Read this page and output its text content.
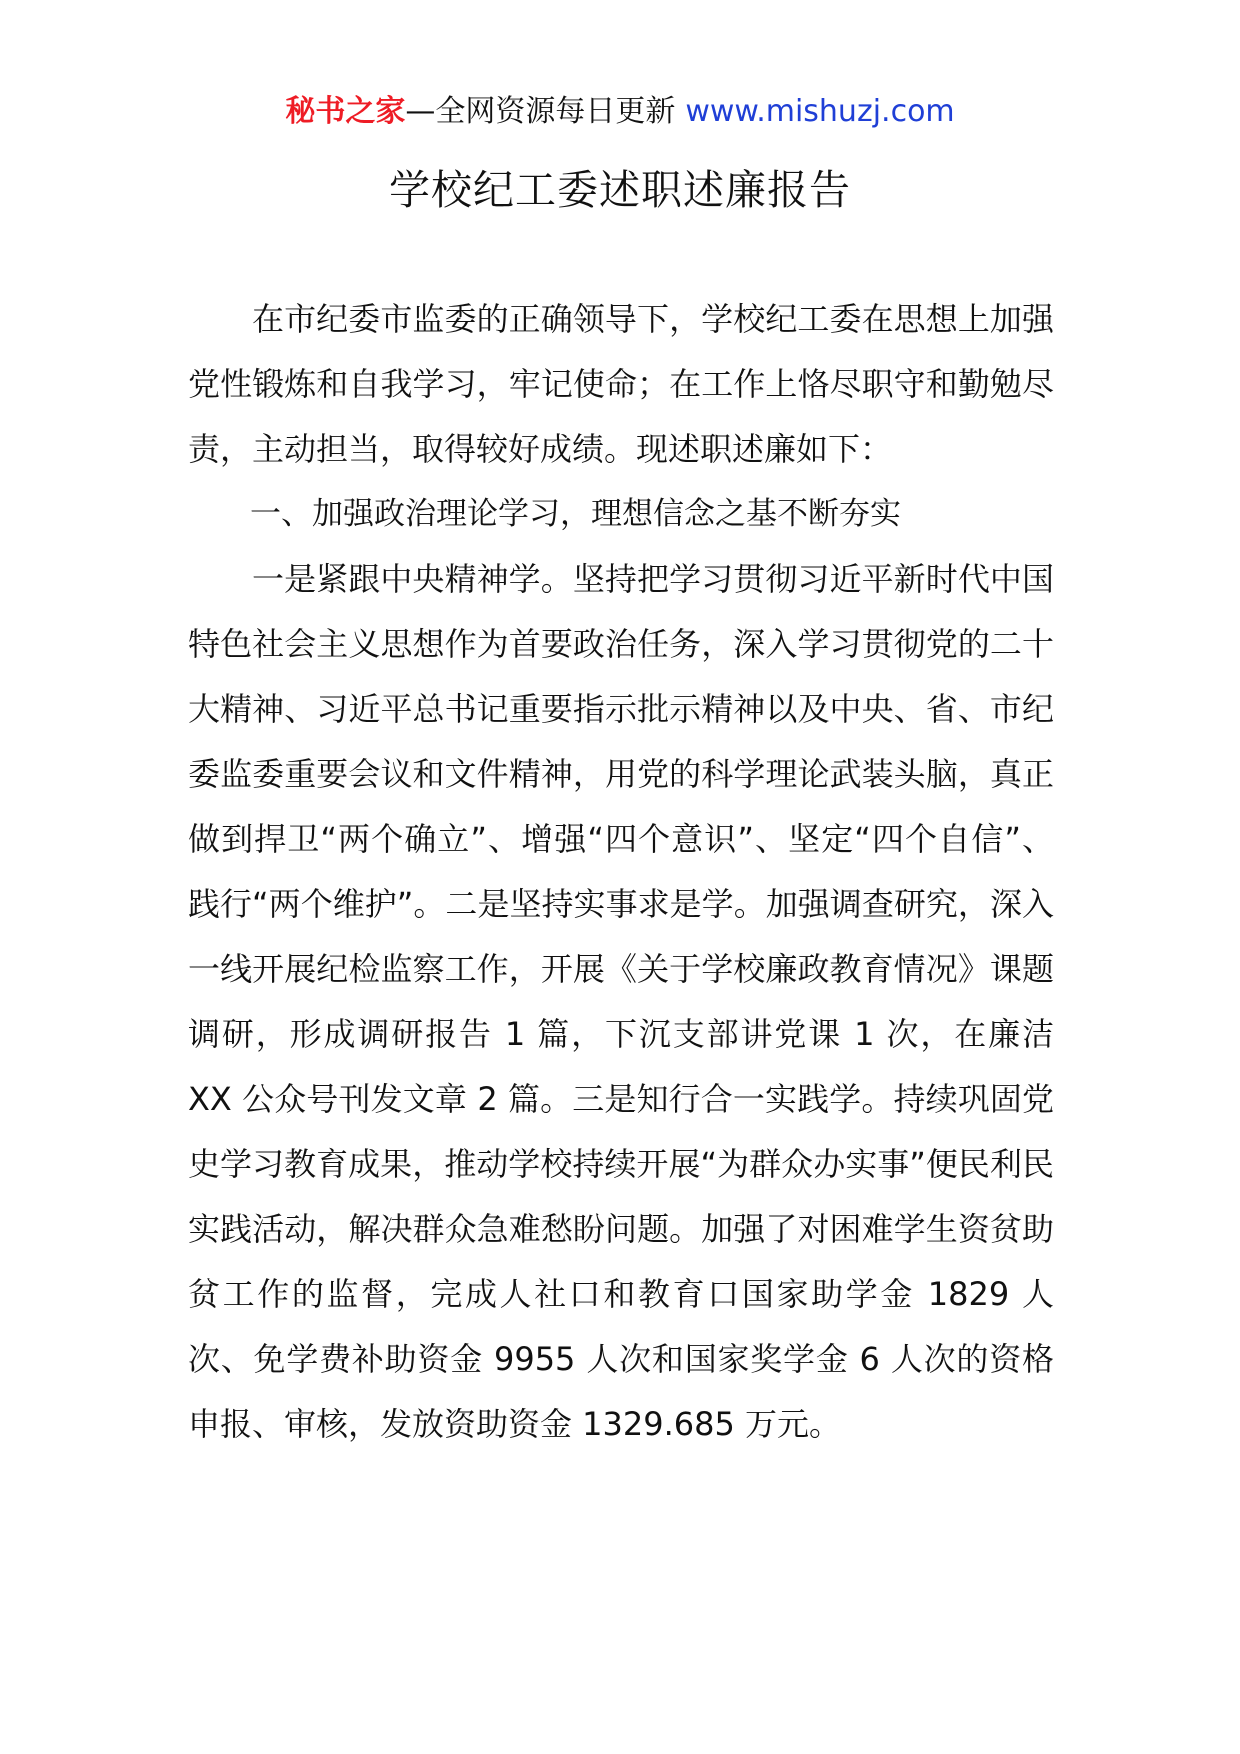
秘书之家—全网资源每日更新 www.mishuzj.com
学校纪工委述职述廉报告

在市纪委市监委的正确领导下，学校纪工委在思想上加强党性锻炼和自我学习，牢记使命；在工作上恪尽职守和勤勉尽责，主动担当，取得较好成绩。现述职述廉如下：

一、加强政治理论学习，理想信念之基不断夯实

一是紧跟中央精神学。坚持把学习贯彻习近平新时代中国特色社会主义思想作为首要政治任务，深入学习贯彻党的二十大精神、习近平总书记重要指示批示精神以及中央、省、市纪委监委重要会议和文件精神，用党的科学理论武装头脑，真正做到捍卫“两个确立”、增强“四个意识”、坚定“四个自信”、践行“两个维护”。二是坚持实事求是学。加强调查研究，深入一线开展纪检监察工作，开展《关于学校廉政教育情况》课题调研，形成调研报告 1 篇，下沉支部讲党课 1 次，在廉洁 XX 公众号刊发文章 2 篇。三是知行合一实践学。持续巩固党史学习教育成果，推动学校持续开展“为群众办实事”便民利民实践活动，解决群众急难愁盼问题。加强了对困难学生资贫助贫工作的监督，完成人社口和教育口国家助学金 1829 人次、免学费补助资金 9955 人次和国家奖学金 6 人次的资格申报、审核，发放资助资金 1329.685 万元。
